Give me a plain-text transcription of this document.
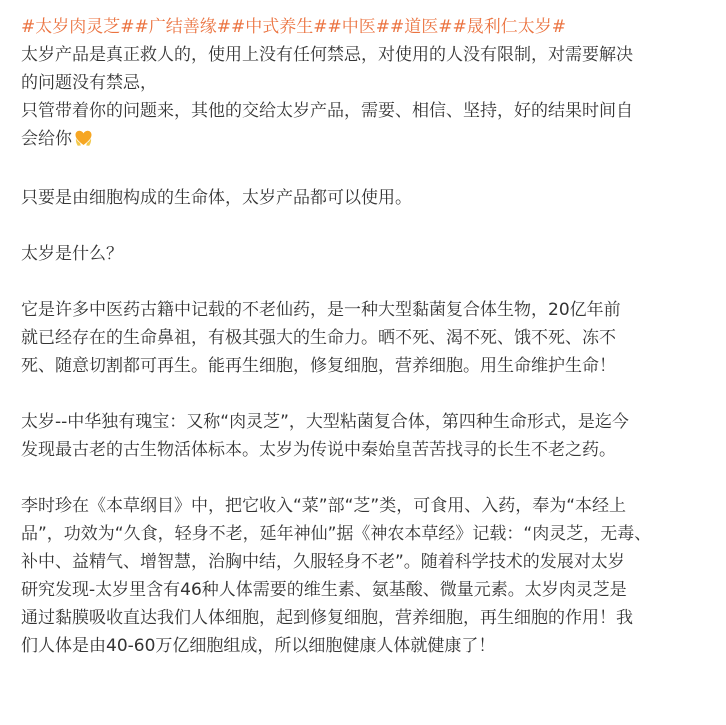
#太岁肉灵芝##广结善缘##中式养生##中医##道医##晟利仁太岁#
太岁产品是真正救人的，使用上没有任何禁忌，对使用的人没有限制，对需要解决
的问题没有禁忌，
只管带着你的问题来，其他的交给太岁产品，需要、相信、坚持，好的结果时间自
会给你
只要是由细胞构成的生命体，太岁产品都可以使用。
太岁是什么？
它是许多中医药古籍中记载的不老仙药，是一种大型黏菌复合体生物，20亿年前
就已经存在的生命鼻祖，有极其强大的生命力。晒不死、渴不死、饿不死、冻不
死、随意切割都可再生。能再生细胞，修复细胞，营养细胞。用生命维护生命！
太岁--中华独有瑰宝：又称“肉灵芝”，大型粘菌复合体，第四种生命形式，是迄今
发现最古老的古生物活体标本。太岁为传说中秦始皇苦苦找寻的长生不老之药。
李时珍在《本草纲目》中，把它收入“菜”部“芝”类，可食用、入药，奉为“本经上
品”，功效为“久食，轻身不老，延年神仙”据《神农本草经》记载：“肉灵芝，无毒、
补中、益精气、增智慧，治胸中结，久服轻身不老”。随着科学技术的发展对太岁
研究发现-太岁里含有46种人体需要的维生素、氨基酸、微量元素。太岁肉灵芝是
通过黏膜吸收直达我们人体细胞，起到修复细胞，营养细胞，再生细胞的作用！我
们人体是由40-60万亿细胞组成，所以细胞健康人体就健康了！
